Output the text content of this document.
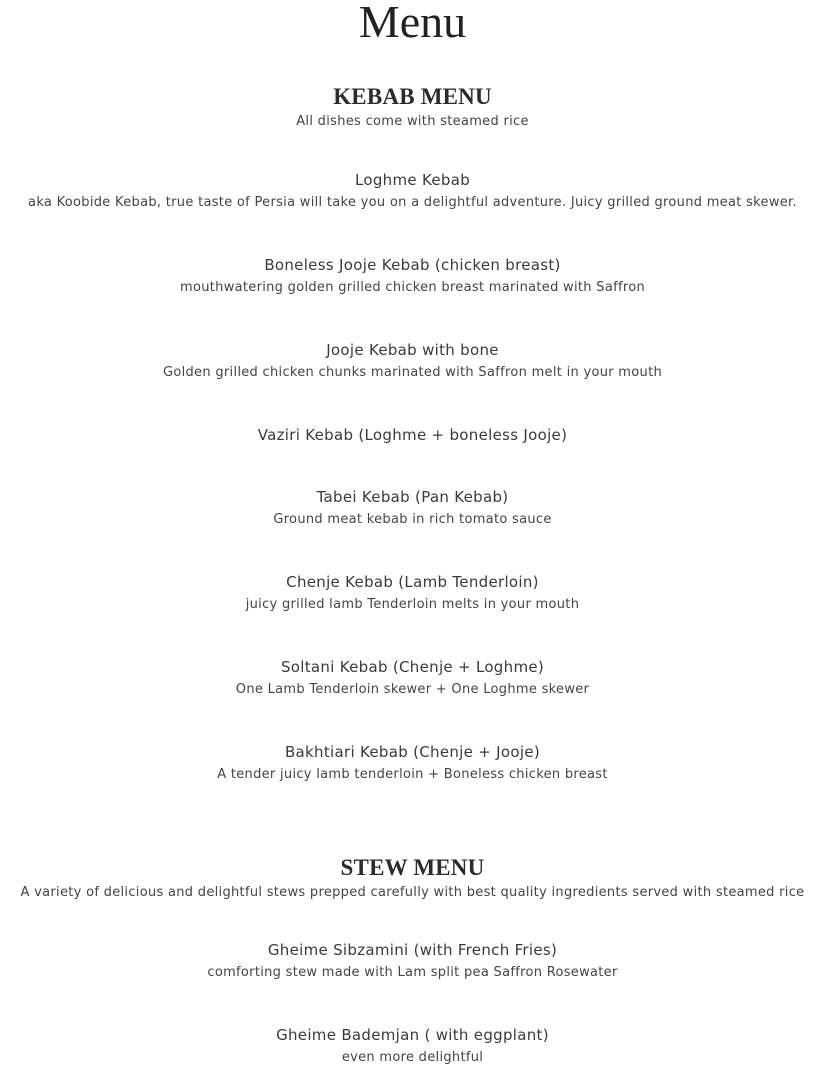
Menu
KEBAB MENU
All dishes come with steamed rice
Loghme Kebab
aka Koobide Kebab, true taste of Persia will take you on a delightful adventure. Juicy grilled ground meat skewer.
Boneless Jooje Kebab (chicken breast)
mouthwatering golden grilled chicken breast marinated with Saffron
Jooje Kebab with bone
Golden grilled chicken chunks marinated with Saffron melt in your mouth
Vaziri Kebab (Loghme + boneless Jooje)
Tabei Kebab (Pan Kebab)
Ground meat kebab in rich tomato sauce
Chenje Kebab (Lamb Tenderloin)
juicy grilled lamb Tenderloin melts in your mouth
Soltani Kebab (Chenje + Loghme)
One Lamb Tenderloin skewer + One Loghme skewer
Bakhtiari Kebab (Chenje + Jooje)
A tender juicy lamb tenderloin + Boneless chicken breast
STEW MENU
A variety of delicious and delightful stews prepped carefully with best quality ingredients served with steamed rice
Gheime Sibzamini (with French Fries)
comforting stew made with Lam split pea Saffron Rosewater
Gheime Bademjan ( with eggplant)
even more delightful
